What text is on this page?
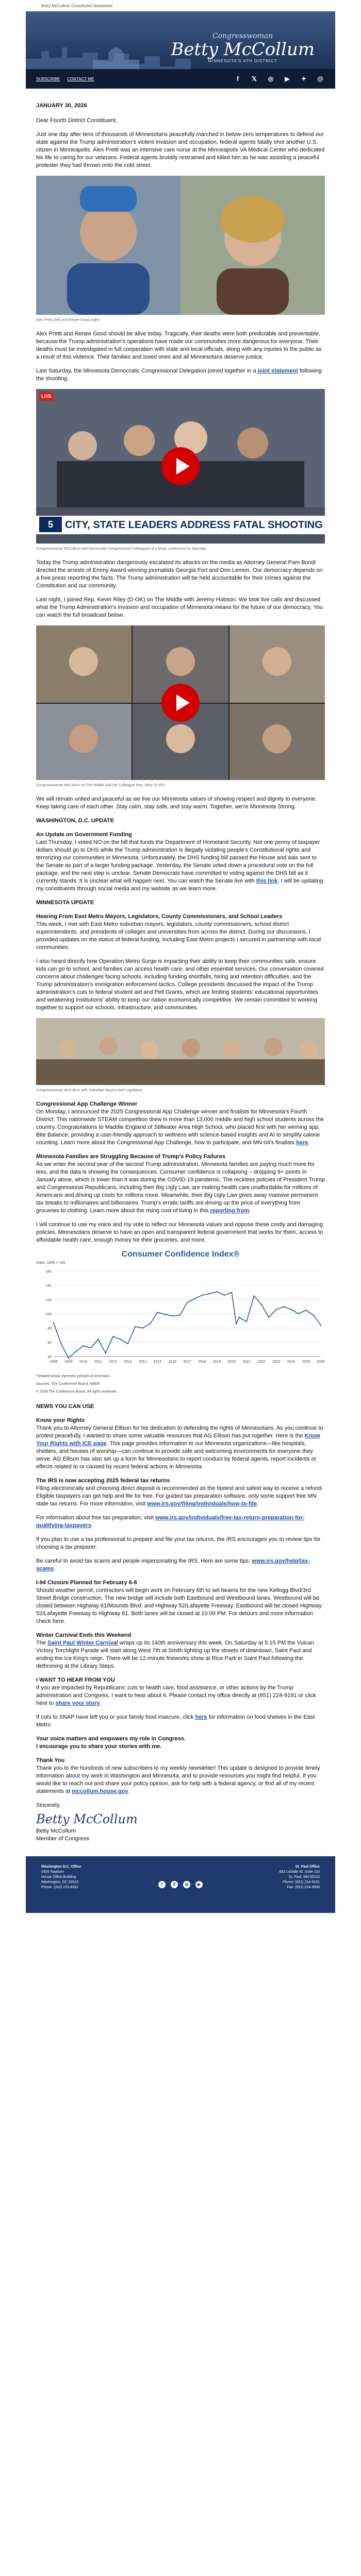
Betty McCollum Constituent Newsletter
Congresswoman
Betty McCollum
MINNESOTA'S 4TH DISTRICT
SUBSCRIBE CONTACT ME	f	𝕏	◎	▶	✦	@
JANUARY 30, 2026

Dear Fourth District Constituent,

Just one day after tens of thousands of Minnesotans peacefully marched in below-zero temperatures to defend our state against the Trump administration's violent invasion and occupation, federal agents fatally shot another U.S. citizen in Minneapolis. Alex Pretti was an intensive care nurse at the Minneapolis VA Medical Center who dedicated his life to caring for our veterans. Federal agents brutally restrained and killed him as he was assisting a peaceful protester they had thrown onto the cold street.

Alex Pretti (left) and Renee Good (right)

Alex Pretti and Renee Good should be alive today. Tragically, their deaths were both predictable and preventable, because the Trump administration's operations have made our communities more dangerous for everyone. Their deaths must be investigated in full cooperation with state and local officials, along with any injuries to the public as a result of this violence. Their families and loved ones and all Minnesotans deserve justice.

Last Saturday, the Minnesota Democratic Congressional Delegation joined together in a joint statement following the shooting.

LIVE
CITY, STATE LEADERS ADDRESS FATAL SHOOTING
5
Congresswoman McCollum with Democratic Congressional Colleagues at a press conference on Saturday

Today the Trump administration dangerously escalated its attacks on the media as Attorney General Pam Bondi directed the arrests of Emmy Award-winning journalists Georgia Fort and Don Lemon. Our democracy depends on a free press reporting the facts. The Trump administration will be held accountable for their crimes against the Constitution and our community.

Last night, I joined Rep. Kevin Riley (D-OK) on The Middle with Jeremy Hobson. We took live calls and discussed what the Trump Administration's invasion and occupation of Minnesota means for the future of our democracy. You can watch the full broadcast below.

Congresswoman McCollum on The Middle with her Colleague Rep. Riley (D-OK)

We will remain united and peaceful as we live our Minnesota values of showing respect and dignity to everyone. Keep taking care of each other. Stay calm, stay safe, and stay warm. Together, we're Minnesota Strong.

WASHINGTON, D.C. UPDATE
An Update on Government Funding

Last Thursday, I voted NO on the bill that funds the Department of Homeland Security. Not one penny of taxpayer dollars should go to DHS while the Trump administration is illegally violating people's Constitutional rights and terrorizing our communities in Minnesota. Unfortunately, the DHS funding bill passed the House and was sent to the Senate as part of a larger funding package. Yesterday, the Senate voted down a procedural vote on the full package, and the next step is unclear. Senate Democrats have committed to voting against the DHS bill as it currently stands. It is unclear what will happen next. You can watch the Senate live with this link. I will be updating my constituents through social media and my website as we learn more.

MINNESOTA UPDATE
Hearing From East Metro Mayors, Legislators, County Commissioners, and School Leaders

This week, I met with East Metro suburban mayors, legislators, county commissioners, school district superintendents, and presidents of colleges and universities from across the district. During our discussions, I provided updates on the status of federal funding, including East Metro projects I secured in partnership with local communities.

I also heard directly how Operation Metro Surge is impacting their ability to keep their communities safe, ensure kids can go to school, and families can access health care, and other essential services. Our conversation covered concerns about challenges facing schools, including funding shortfalls, hiring and retention difficulties, and the Trump administration's immigration enforcement tactics. College presidents discussed the impact of the Trump administration's cuts to federal student aid and Pell Grants, which are limiting students' educational opportunities and weakening institutions' ability to keep our nation economically competitive. We remain committed to working together to support our schools, infrastructure, and communities.

Congresswoman McCollum with Suburban Mayors and Legislators
Congressional App Challenge Winner

On Monday, I announced the 2025 Congressional App Challenge winner and finalists for Minnesota's Fourth District. This nationwide STEAM competition drew in more than 13,000 middle and high school students across the country. Congratulations to Maddie England of Stillwater Area High School, who placed first with her winning app, Bite Balance, providing a user-friendly approach to wellness with science-based insights and AI to simplify calorie counting. Learn more about the Congressional App Challenge, how to participate, and MN-04's finalists here.

Minnesota Families are Struggling Because of Trump's Policy Failures

As we enter the second year of the second Trump administration, Minnesota families are paying much more for less, and the data is showing the consequences. Consumer confidence is collapsing – dropping 9+ points in January alone, which is lower than it was during the COVID-19 pandemic. The reckless policies of President Trump and Congressional Republicans, including their Big Ugly Law, are making health care unaffordable for millions of Americans and driving up costs for millions more. Meanwhile, their Big Ugly Law gives away massive permanent tax breaks to millionaires and billionaires. Trump's erratic tariffs are driving up the price of everything from groceries to clothing. Learn more about the rising cost of living in this reporting from.

I will continue to use my voice and my vote to reflect our Minnesota values and oppose these costly and damaging policies. Minnesotans deserve to have an open and transparent federal government that works for them, access to affordable health care, enough money for their groceries, and more.

Consumer Confidence Index®
Index, 1985 = 100
40
60
80
100
120
140
160
2008 2009 2010 2011 2012 2013 2014 2015 2016 2017 2018 2019 2020 2021 2022 2023 2024 2025 2026
*Shaded areas represent periods of recession.
Sources: The Conference Board; NBER
© 2026 The Conference Board. All rights reserved.
NEWS YOU CAN USE
Know your Rights

Thank you to Attorney General Ellison for his dedication to defending the rights of Minnesotans. As you continue to protest peacefully, I wanted to share some valuable resources that AG Ellison has put together. Here is the Know Your Rights with ICE page. This page provides information to our Minnesota organizations—like hospitals, shelters, and houses of worship—can continue to provide safe and welcoming environments for everyone they serve. AG Ellison has also set up a form for Minnesotans to report conduct by federal agents, report incidents or effects related to or caused by recent federal actions in Minnesota.

The IRS is now accepting 2025 federal tax returns

Filing electronically and choosing direct deposit is recommended as the fastest and safest way to receive a refund. Eligible taxpayers can get help and file for free. For guided tax preparation software, only some support free MN state tax returns. For more information, visit www.irs.gov/filing/individuals/how-to-file.

For information about free tax preparation, visit www.irs.gov/individuals/free-tax-return-preparation-for-qualifying-taxpayers.

If you plan to use a tax professional to prepare and file your tax returns, the IRS encourages you to review tips for choosing a tax preparer.

Be careful to avoid tax scams and people impersonating the IRS. Here are some tips: www.irs.gov/help/tax-scams.

I-94 Closure Planned for February 6-8

Should weather permit, contractors will begin work on February 6th to set beams for the new Kellogg Blvd/3rd Street Bridge construction. The new bridge will include both Eastbound and Westbound lanes. Westbound will be closed between Highway 61/Mounds Blvd. and Highway 52/Lafayette Freeway. Eastbound will be closed Highway 52/Lafayette Freeway to Highway 61. Both lanes will be closed at 10:00 PM. For detours and more information check here.

Winter Carnival Ends this Weekend

The Saint Paul Winter Carnival wraps up its 140th anniversary this week. On Saturday at 5:15 PM the Vulcan Victory Torchlight Parade will start along West 7th at Smith lighting up the streets of downtown, Saint Paul and ending the Ice King's reign. There will be 12-minute fireworks show at Rice Park in Saint Paul following the dethroning at the Library Steps.

I WANT TO HEAR FROM YOU

If you are impacted by Republicans' cuts to health care, food assistance, or other actions by the Trump administration and Congress, I want to hear about it. Please contact my office directly at (651) 224-9191 or click here to share your story.

If cuts to SNAP have left you or your family food insecure, click here for information on food shelves in the East Metro.

Your voice matters and empowers my role in Congress.
I encourage you to share your stories with me.

Thank You

Thank you to the hundreds of new subscribers to my weekly newsletter! This update is designed to provide timely information about my work in Washington and Minnesota, and to provide resources you might find helpful. If you would like to reach out and share your policy opinion, ask for help with a federal agency, or find all of my recent statements at mccollum.house.gov.

Sincerely,

Betty McCollum
Betty McCollum
Member of Congress
Washington D.C. Office
2426 Rayburn
House Office Building
Washington, DC 20515
Phone: (202) 225-6631
f	X	◎	▶
St. Paul Office
661 LaSalle St. Suite 110
St. Paul, MN 55114
Phone: (651) 224-9191
Fax: (651) 224-3056
